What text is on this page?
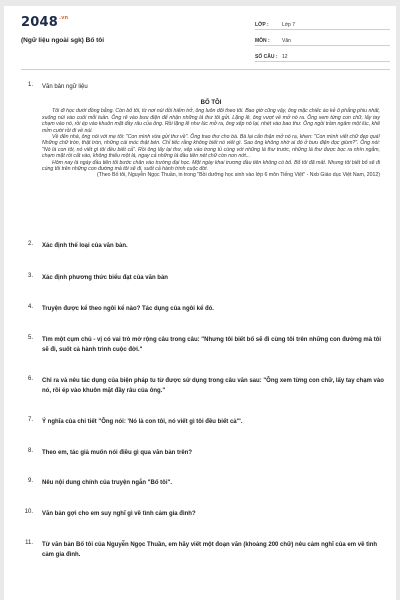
$2048^{.vn}$
(Ngữ liệu ngoài sgk) Bố tôi
LỚP :	Lớp 7
MÔN :	Văn
SỐ CÂU : 12
1. Văn bản ngữ liệu
BỐ TÔI

Tôi đi học dưới đồng bằng. Còn bố tôi, từ nơi núi đồi hiểm trở, ông luôn dõi theo tôi. Bao giờ cũng vậy, ông mặc chiếc áo kẻ ô phẳng phiu nhất, xuống núi vào cuối mỗi tuần. Ông rẽ vào bưu điện để nhận những lá thư tôi gửi. Lặng lẽ, ông vượt về mở nó ra. Ông xem từng con chữ, lấy tay chạm vào nó, rồi ép vào khuôn mặt đầy râu của ông. Rồi lặng lẽ như lúc mở ra, ông xếp nó lại, nhét vào bao thư. Ông ngồi trầm ngâm một lúc, khẽ mỉm cười rồi đi về núi.

Về đến nhà, ông nói với mẹ tôi: "Con mình vừa gửi thư về". Ông trao thư cho bà. Bà lại cẩn thận mở nó ra, khen: "Con mình viết chữ đẹp quá! Những chữ tròn, thật tròn, những cái móc thật bén. Chỉ tiếc rằng không biết nó viết gì. Sao ông không nhờ ai đó ở bưu điện đọc giùm?". Ông nói: "Nó là con tôi, nó viết gì tôi đều biết cả". Rồi ông lấy lại thư, xếp vào trong tủ cùng với những lá thư trước, những lá thư được bọc ra nhìn ngắm, chạm mặt rồi cất vào, không thiếu một lá, ngay cả những lá đầu tiên nét chữ còn non nớt...

Hôm nay là ngày đầu tiên tôi bước chân vào trường đại học. Một ngày khai trương đầu tiên không có bố. Bố tôi đã mất. Nhưng tôi biết bố sẽ đi cùng tôi trên những con đường mà tôi sẽ đi, suốt cả hành trình cuộc đời.

(Theo Bố tôi, Nguyễn Ngọc Thuần, in trong "Bồi dưỡng học sinh vào lớp 6 môn Tiếng Việt" - Nxb Giáo dục Việt Nam, 2012)

2. Xác định thể loại của văn bản.
3. Xác định phương thức biểu đạt của văn bản
4. Truyện được kể theo ngôi kể nào? Tác dụng của ngôi kể đó.
5. Tìm một cụm chủ - vị có vai trò mở rộng câu trong câu: "Nhưng tôi biết bố sẽ đi cùng tôi trên những con đường mà tôi sẽ đi, suốt cả hành trình cuộc đời."
6. Chỉ ra và nêu tác dụng của biện pháp tu từ được sử dụng trong câu văn sau: "Ông xem từng con chữ, lấy tay chạm vào nó, rồi ép vào khuôn mặt đầy râu của ông."
7. Ý nghĩa của chi tiết "Ông nói: 'Nó là con tôi, nó viết gì tôi đều biết cả'".
8. Theo em, tác giả muốn nói điều gì qua văn bản trên?
9. Nêu nội dung chính của truyện ngắn "Bố tôi".
10. Văn bản gợi cho em suy nghĩ gì về tình cảm gia đình?
11. Từ văn bản Bố tôi của Nguyễn Ngọc Thuần, em hãy viết một đoạn văn (khoảng 200 chữ) nêu cảm nghĩ của em về tình cảm gia đình.
